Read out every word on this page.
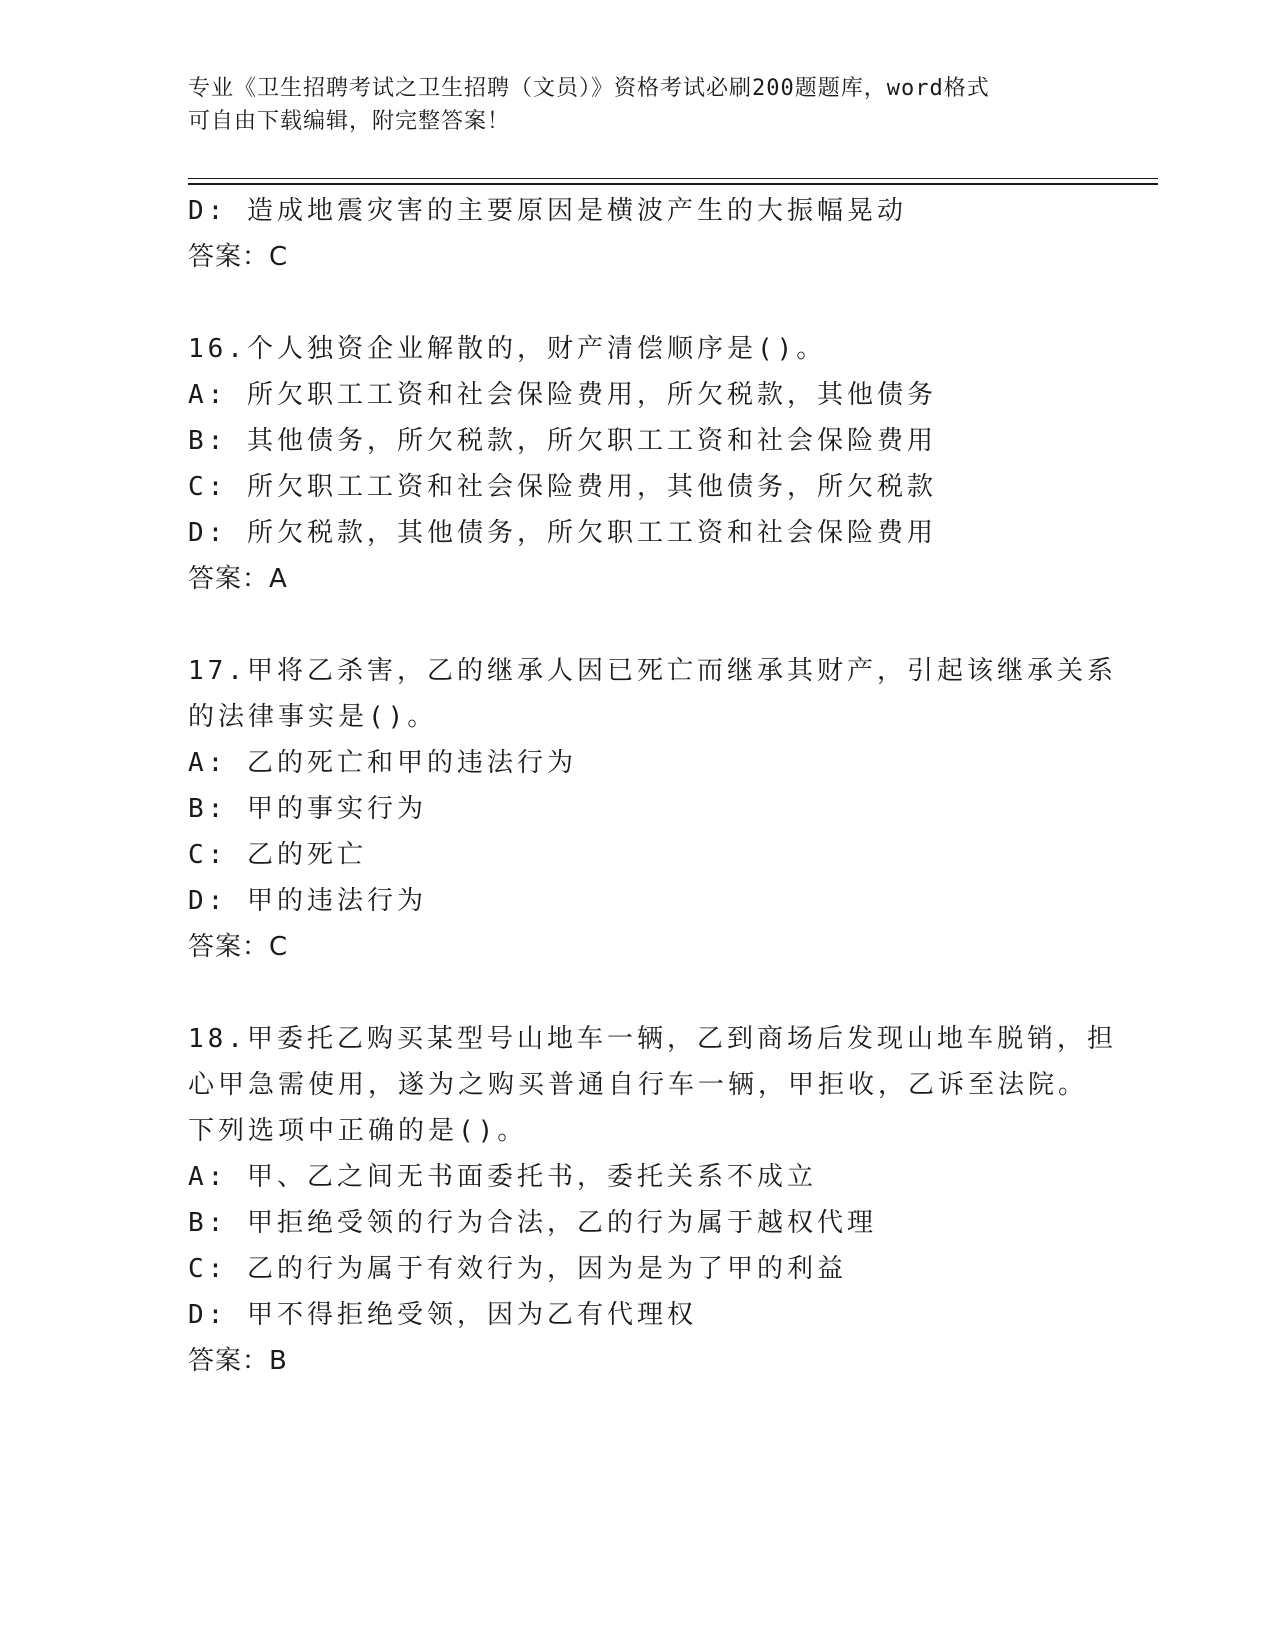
专业《卫生招聘考试之卫生招聘（文员）》资格考试必刷200题题库，word格式
可自由下载编辑，附完整答案！
D: 造成地震灾害的主要原因是横波产生的大振幅晃动
答案：C
16.个人独资企业解散的，财产清偿顺序是()。
A: 所欠职工工资和社会保险费用，所欠税款，其他债务
B: 其他债务，所欠税款，所欠职工工资和社会保险费用
C: 所欠职工工资和社会保险费用，其他债务，所欠税款
D: 所欠税款，其他债务，所欠职工工资和社会保险费用
答案：A
17.甲将乙杀害，乙的继承人因已死亡而继承其财产，引起该继承关系
的法律事实是()。
A: 乙的死亡和甲的违法行为
B: 甲的事实行为
C: 乙的死亡
D: 甲的违法行为
答案：C
18.甲委托乙购买某型号山地车一辆，乙到商场后发现山地车脱销，担
心甲急需使用，遂为之购买普通自行车一辆，甲拒收，乙诉至法院。
下列选项中正确的是()。
A: 甲、乙之间无书面委托书，委托关系不成立
B: 甲拒绝受领的行为合法，乙的行为属于越权代理
C: 乙的行为属于有效行为，因为是为了甲的利益
D: 甲不得拒绝受领，因为乙有代理权
答案：B
